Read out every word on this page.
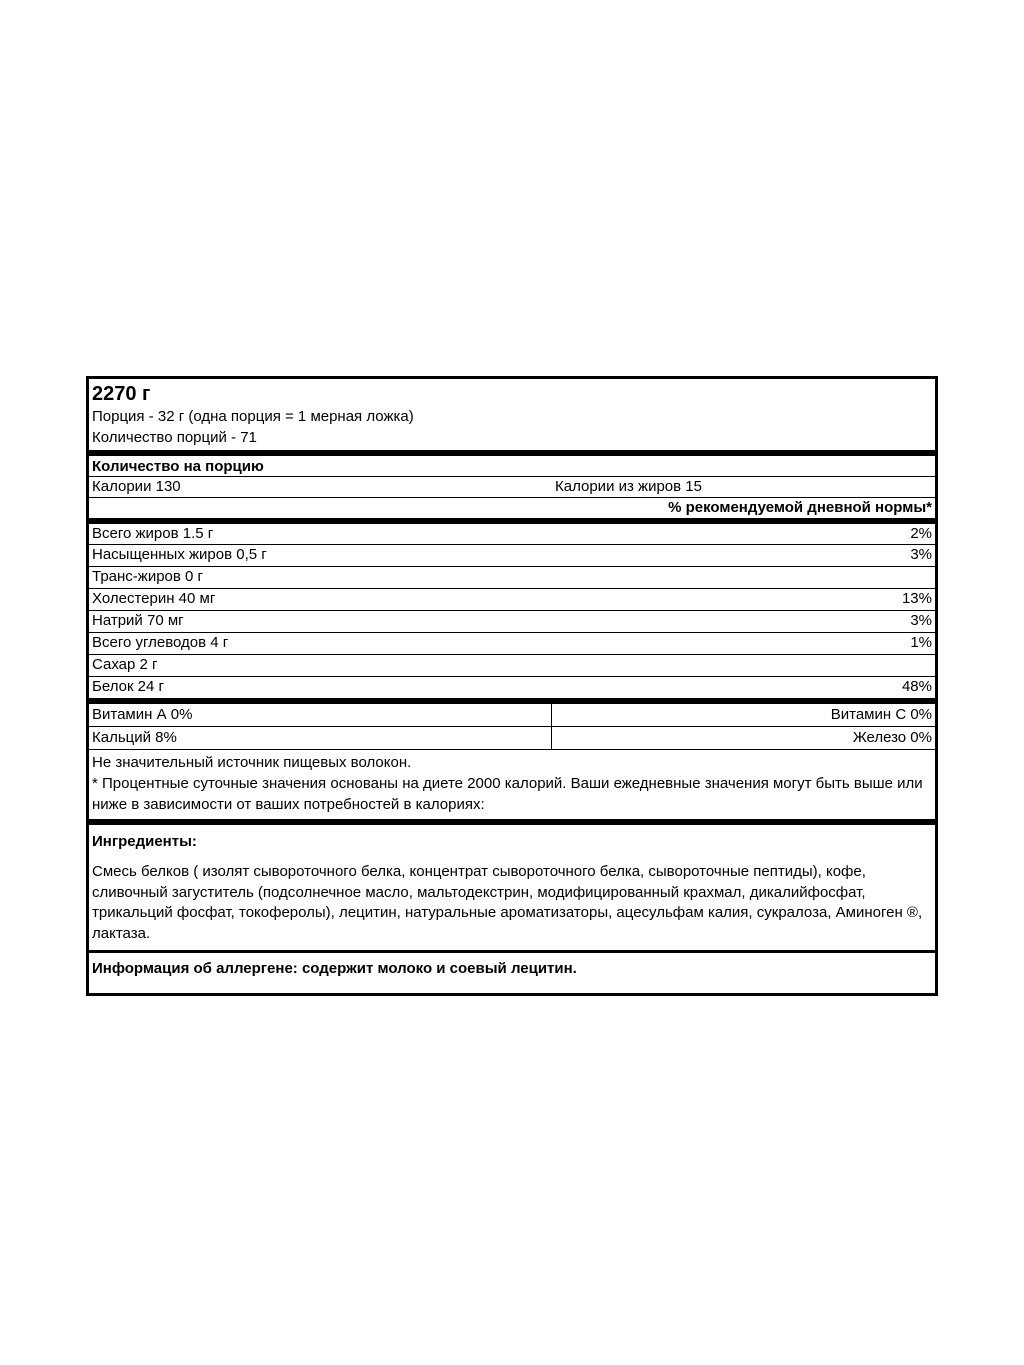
2270 г
Порция - 32 г (одна порция = 1 мерная ложка)
Количество порций - 71
Количество на порцию
Калории 130	Калории из жиров 15
% рекомендуемой дневной нормы*
Всего жиров 1.5 г	2%
Насыщенных жиров 0,5 г	3%
Транс-жиров 0 г
Холестерин 40 мг	13%
Натрий 70 мг	3%
Всего углеводов 4 г	1%
Сахар 2 г
Белок 24 г	48%
Витамин А 0%	Витамин С 0%
Кальций 8%	Железо 0%
Не значительный источник пищевых волокон.
* Процентные суточные значения основаны на диете 2000 калорий. Ваши ежедневные значения могут быть выше или ниже в зависимости от ваших потребностей в калориях:
Ингредиенты:
Смесь белков ( изолят сывороточного белка, концентрат сывороточного белка, сывороточные пептиды), кофе, сливочный загуститель (подсолнечное масло, мальтодекстрин, модифицированный крахмал, дикалийфосфат, трикальций фосфат, токоферолы), лецитин, натуральные ароматизаторы, ацесульфам калия, сукралоза, Аминоген ®, лактаза.
Информация об аллергене: содержит молоко и соевый лецитин.
